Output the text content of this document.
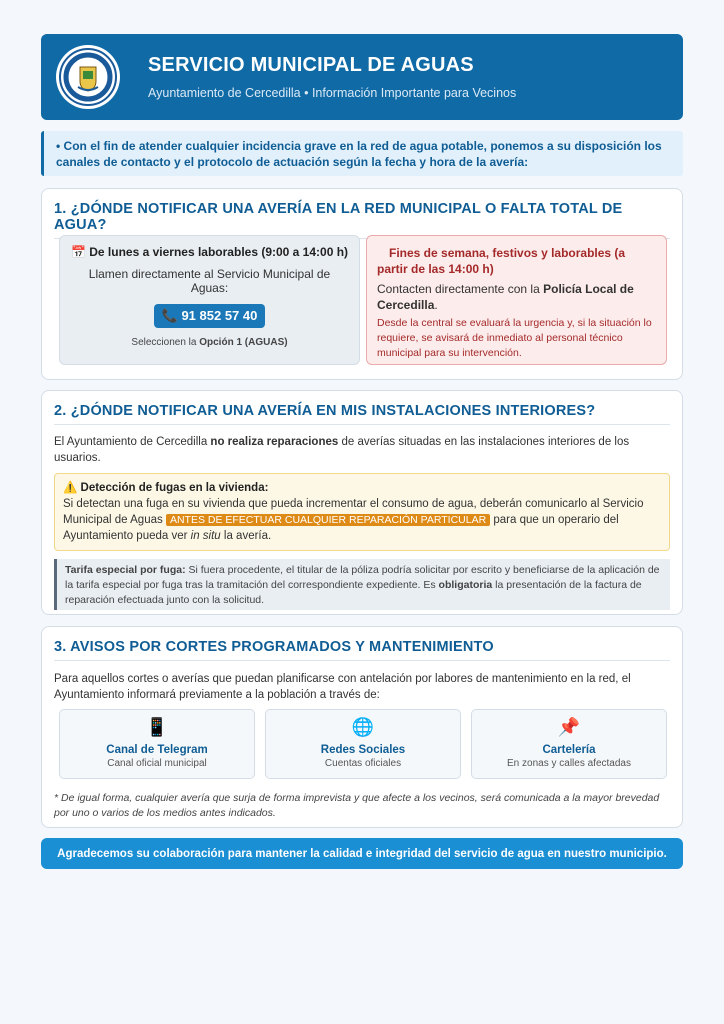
SERVICIO MUNICIPAL DE AGUAS
Ayuntamiento de Cercedilla • Información Importante para Vecinos
• Con el fin de atender cualquier incidencia grave en la red de agua potable, ponemos a su disposición los canales de contacto y el protocolo de actuación según la fecha y hora de la avería:
1. ¿DÓNDE NOTIFICAR UNA AVERÍA EN LA RED MUNICIPAL O FALTA TOTAL DE AGUA?
📅 De lunes a viernes laborables (9:00 a 14:00 h)
Llamen directamente al Servicio Municipal de Aguas:
📞 91 852 57 40
Seleccionen la Opción 1 (AGUAS)
Fines de semana, festivos y laborables (a partir de las 14:00 h)
Contacten directamente con la Policía Local de Cercedilla.
Desde la central se evaluará la urgencia y, si la situación lo requiere, se avisará de inmediato al personal técnico municipal para su intervención.
2. ¿DÓNDE NOTIFICAR UNA AVERÍA EN MIS INSTALACIONES INTERIORES?
El Ayuntamiento de Cercedilla no realiza reparaciones de averías situadas en las instalaciones interiores de los usuarios.
⚠️ Detección de fugas en la vivienda:
Si detectan una fuga en su vivienda que pueda incrementar el consumo de agua, deberán comunicarlo al Servicio Municipal de Aguas ANTES DE EFECTUAR CUALQUIER REPARACIÓN PARTICULAR para que un operario del Ayuntamiento pueda ver in situ la avería.
Tarifa especial por fuga: Si fuera procedente, el titular de la póliza podría solicitar por escrito y beneficiarse de la aplicación de la tarifa especial por fuga tras la tramitación del correspondiente expediente. Es obligatoria la presentación de la factura de reparación efectuada junto con la solicitud.
3. AVISOS POR CORTES PROGRAMADOS Y MANTENIMIENTO
Para aquellos cortes o averías que puedan planificarse con antelación por labores de mantenimiento en la red, el Ayuntamiento informará previamente a la población a través de:
📱
Canal de Telegram
Canal oficial municipal
🌐
Redes Sociales
Cuentas oficiales
📌
Cartelería
En zonas y calles afectadas
* De igual forma, cualquier avería que surja de forma imprevista y que afecte a los vecinos, será comunicada a la mayor brevedad por uno o varios de los medios antes indicados.
Agradecemos su colaboración para mantener la calidad e integridad del servicio de agua en nuestro municipio.
